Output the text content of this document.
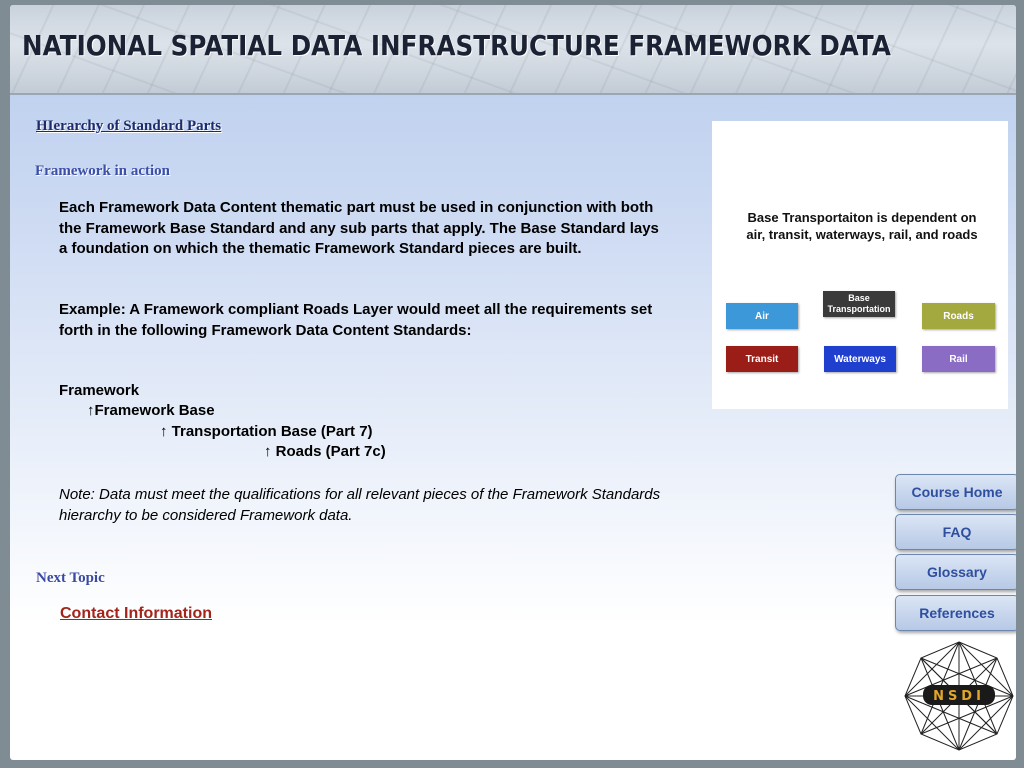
NATIONAL SPATIAL DATA INFRASTRUCTURE FRAMEWORK DATA
HIerarchy of Standard Parts
Framework in action
Each Framework Data Content thematic part must be used in conjunction with both the Framework Base Standard and any sub parts that apply. The Base Standard lays a foundation on which the thematic Framework Standard pieces are built.
Example: A Framework compliant Roads Layer would meet all the requirements set forth in the following Framework Data Content Standards:
Framework
↑Framework Base
↑ Transportation Base (Part 7)
↑ Roads (Part 7c)
Note: Data must meet the qualifications for all relevant pieces of the Framework Standards hierarchy to be considered Framework data.
Next Topic
Contact Information
Base Transportaiton is dependent on air, transit, waterways, rail, and roads
Air
Base Transportation
Roads
Transit	Waterways	Rail
Course Home
FAQ
Glossary
References
NSDI
